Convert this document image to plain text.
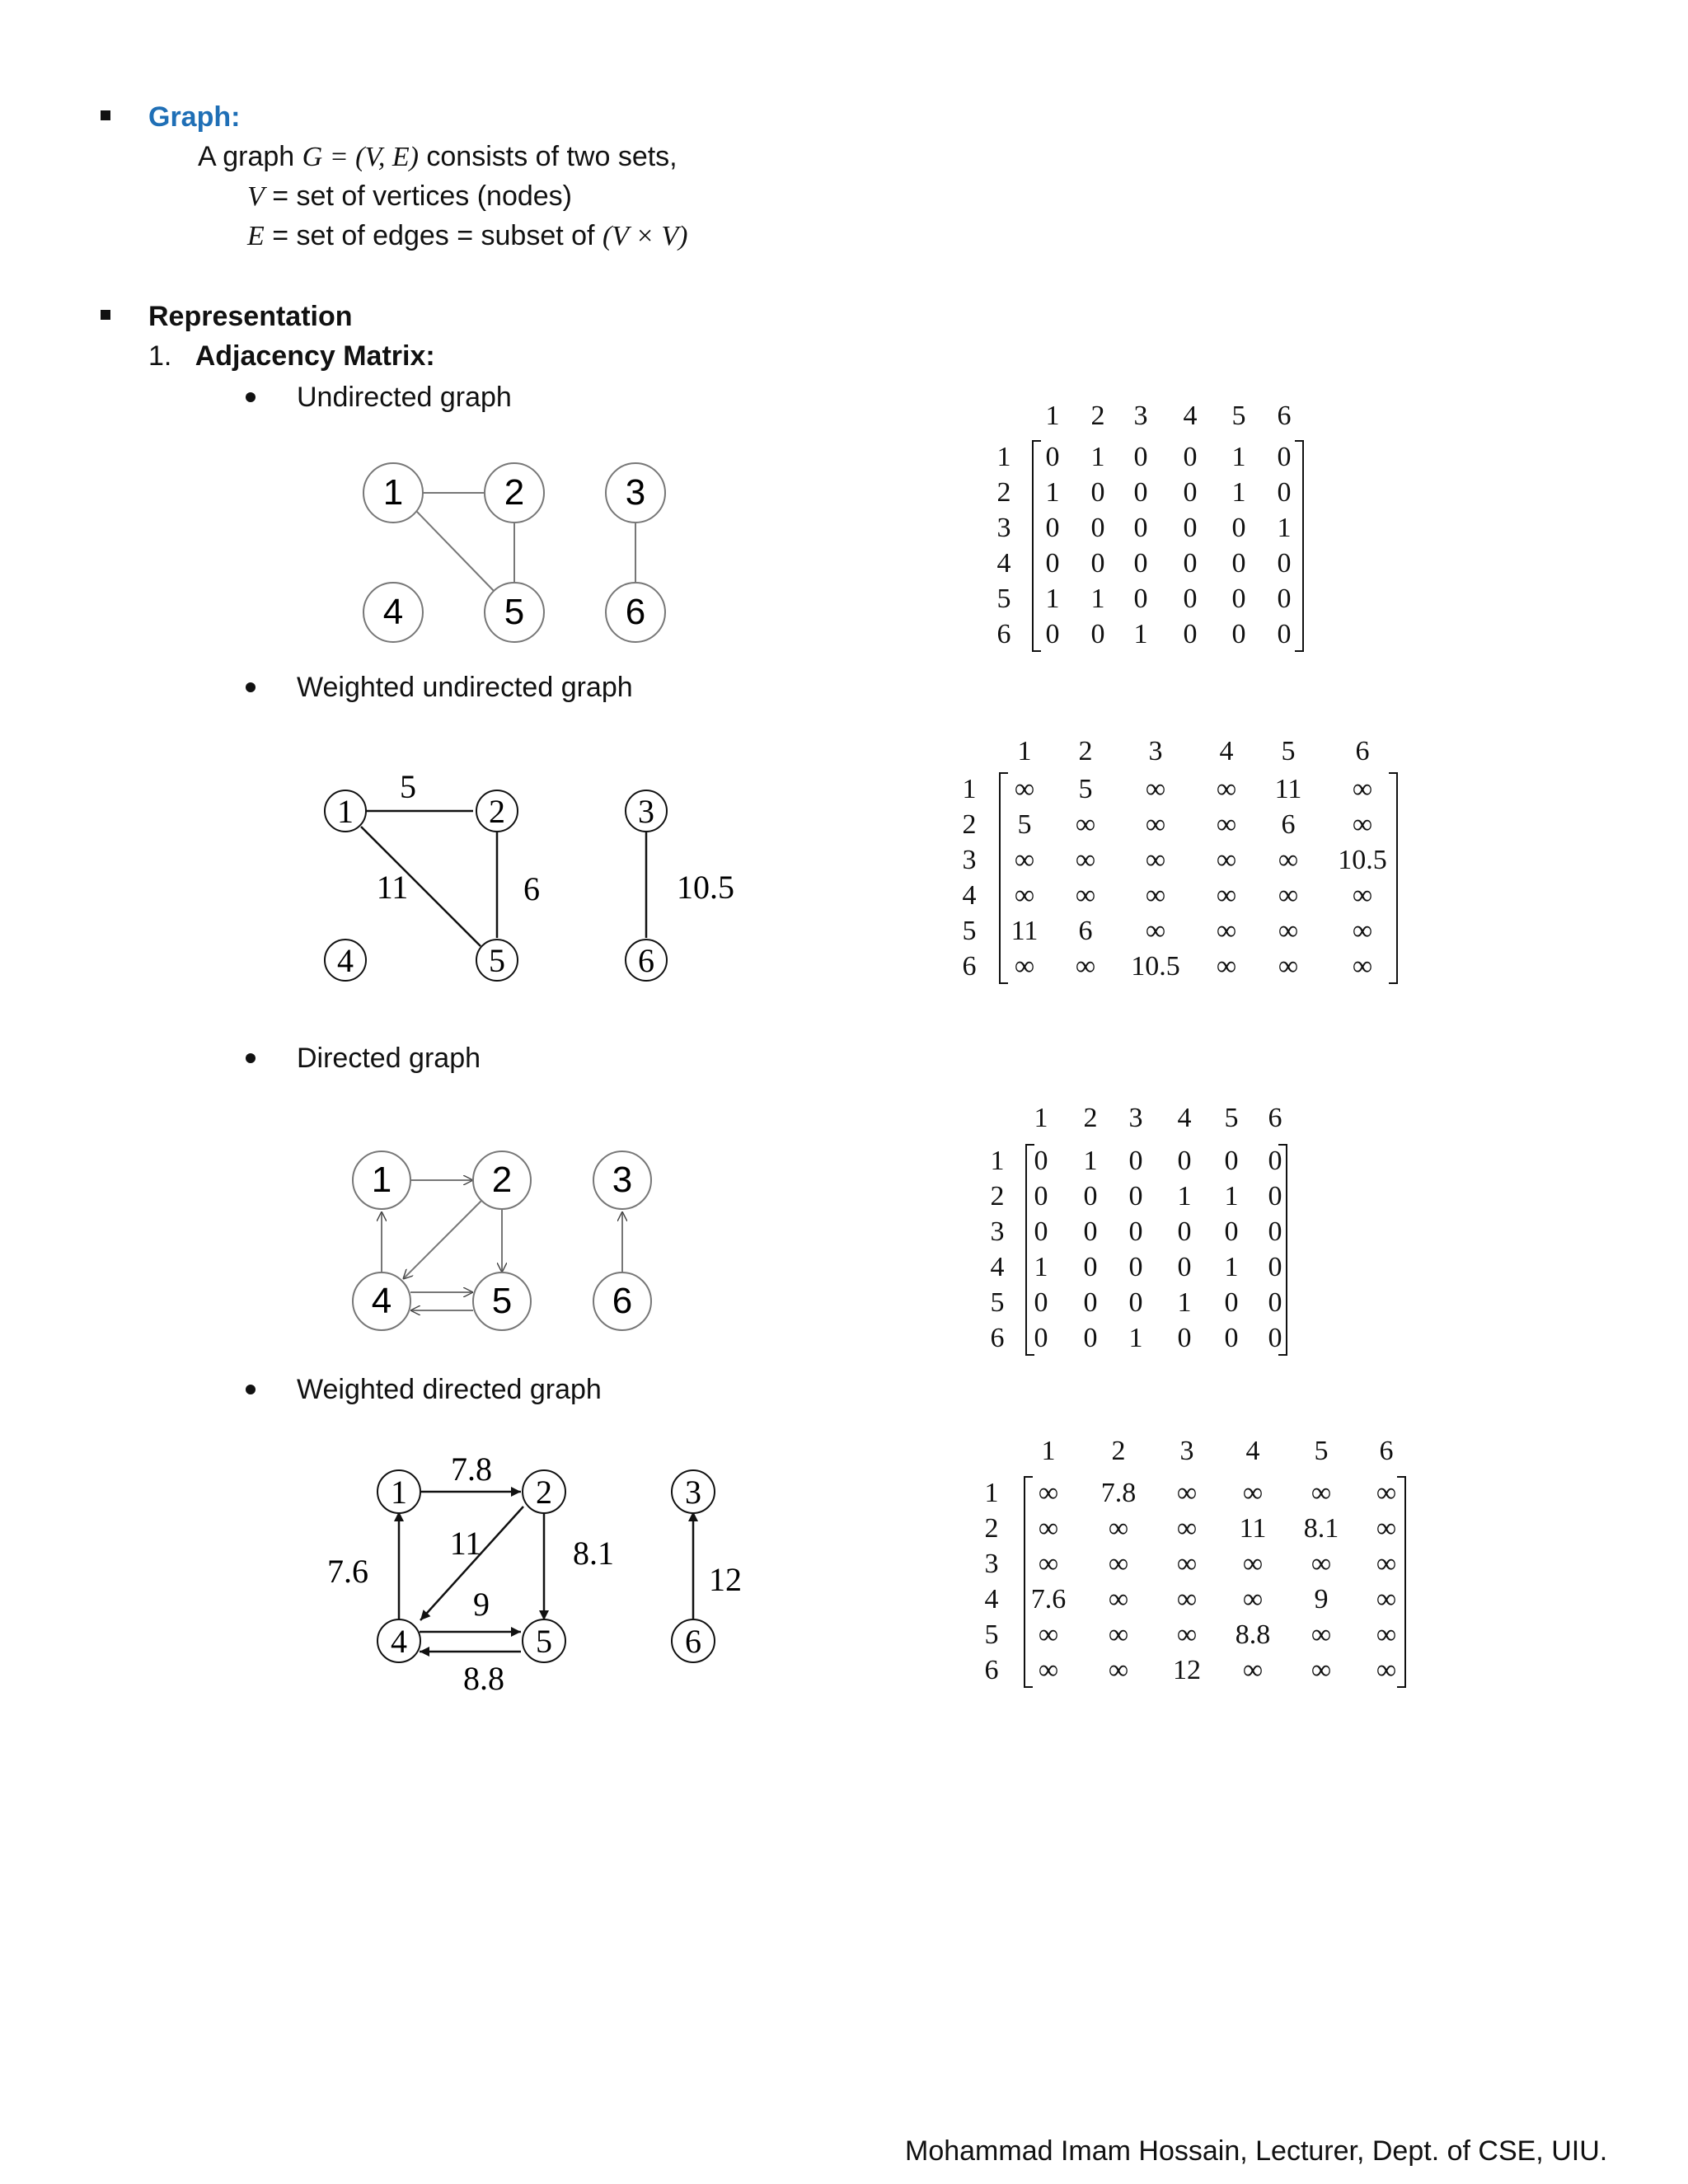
Graph:
A graph G = (V, E) consists of two sets,
V = set of vertices (nodes)
E = set of edges = subset of (V × V)
Representation
1. Adjacency Matrix:
Undirected graph
Weighted undirected graph
Directed graph
Weighted directed graph
1	2	3
4	5	6
1	2	3
4	5	6
5
11	6	10.5
1	2	3
4	5	6
1	2	3
4	5	6
7.8
7.6
11	8.1
9
8.8
12
1 2 3 4 5 6
1 0 1 0 0 1 0
2 1 0 0 0 1 0
3 0 0 0 0 0 1
4 0 0 0 0 0 0
5 1 1 0 0 0 0
6 0 0 1 0 0 0
1 2 3 4 5 6
1 ∞ 5 ∞ ∞ 11 ∞
2 5 ∞ ∞ ∞ 6 ∞
3 ∞ ∞ ∞ ∞ ∞ 10.5
4 ∞ ∞ ∞ ∞ ∞ ∞
5 11 6 ∞ ∞ ∞ ∞
6 ∞ ∞ 10.5 ∞ ∞ ∞
1 2 3 4 5 6
1 0 1 0 0 0 0
2 0 0 0 1 1 0
3 0 0 0 0 0 0
4 1 0 0 0 1 0
5 0 0 0 1 0 0
6 0 0 1 0 0 0
1 2 3 4 5 6
1 ∞ 7.8 ∞ ∞ ∞ ∞
2 ∞ ∞ ∞ 11 8.1 ∞
3 ∞ ∞ ∞ ∞ ∞ ∞
4 7.6 ∞ ∞ ∞ 9 ∞
5 ∞ ∞ ∞ 8.8 ∞ ∞
6 ∞ ∞ 12 ∞ ∞ ∞
Mohammad Imam Hossain, Lecturer, Dept. of CSE, UIU.
